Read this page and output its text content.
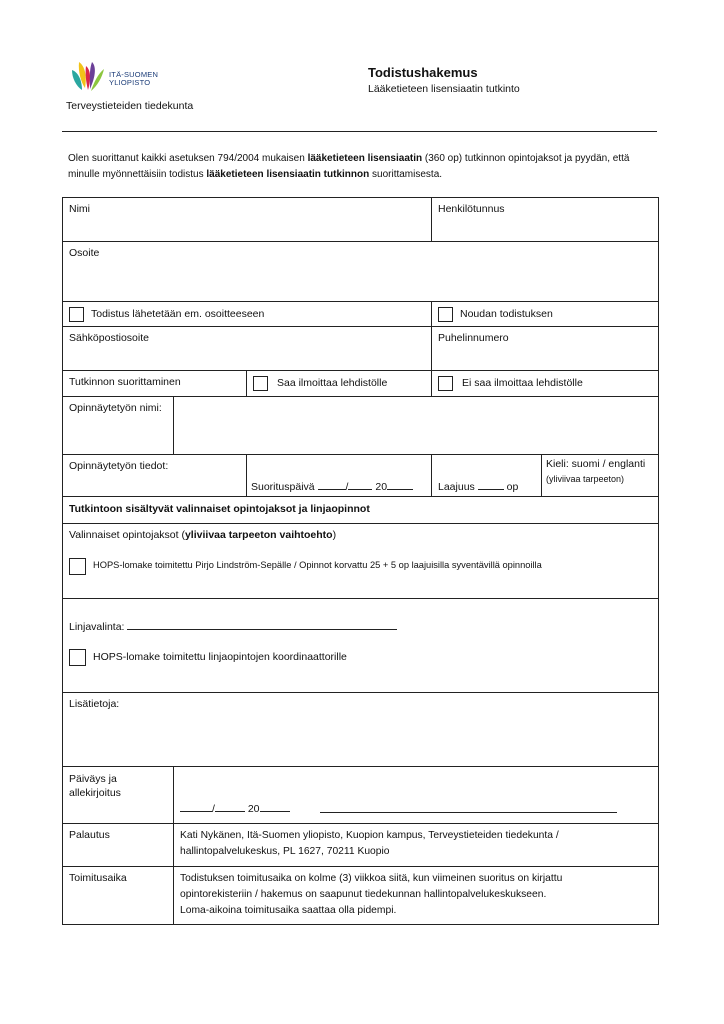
ITÄ-SUOMEN
YLIOPISTO
Terveystieteiden tiedekunta
Todistushakemus
Lääketieteen lisensiaatin tutkinto
Olen suorittanut kaikki asetuksen 794/2004 mukaisen lääketieteen lisensiaatin (360 op) tutkinnon opintojaksot ja pyydän, että minulle myönnettäisiin todistus lääketieteen lisensiaatin tutkinnon suorittamisesta.
Nimi			Henkilötunnus	

Osoite				

Todistus lähetetään em. osoitteeseen			Noudan todistuksen	

Sähköpostiosoite			Puhelinnumero	

Tutkinnon suorittaminen		Saa ilmoittaa lehdistölle	Ei saa ilmoittaa lehdistölle	

Opinnäytetyön nimi:				

Opinnäytetyön tiedot:		Suorituspäivä / 20	Laajuus op	Kieli: suomi / englanti
(yliviivaa tarpeeton)

Tutkintoon sisältyvät valinnaiset opintojaksot ja linjaopinnot				

Valinnaiset opintojaksot (yliviivaa tarpeeton vaihtoehto)
HOPS-lomake toimitettu Pirjo Lindström-Sepälle / Opinnot korvattu 25 + 5 op laajuisilla syventävillä opinnoilla				

Linjavalinta:
HOPS-lomake toimitettu linjaopintojen koordinaattorille				

Lisätietoja:				

Päiväys ja
allekirjoitus	/ 20			

Palautus	Kati Nykänen, Itä-Suomen yliopisto, Kuopion kampus, Terveystieteiden tiedekunta /
hallintopalvelukeskus, PL 1627, 70211 Kuopio			

Toimitusaika	Todistuksen toimitusaika on kolme (3) viikkoa siitä, kun viimeinen suoritus on kirjattu
opintorekisteriin / hakemus on saapunut tiedekunnan hallintopalvelukeskukseen.
Loma-aikoina toimitusaika saattaa olla pidempi.			
